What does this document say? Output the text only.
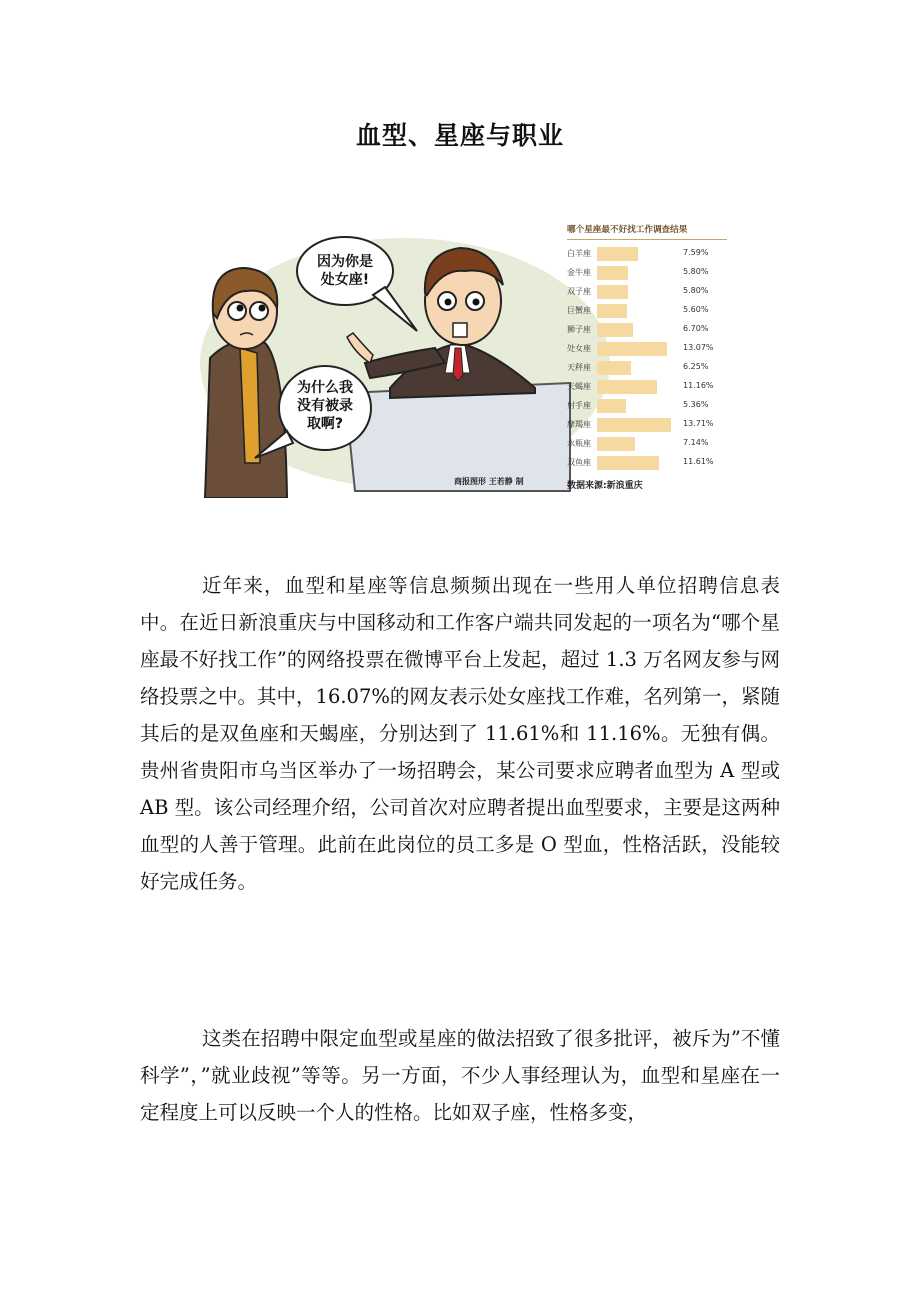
血型、星座与职业
因为你是
处女座!
为什么我
没有被录
取啊?
哪个星座最不好找工作调查结果
白羊座	7.59%
金牛座	5.80%
双子座	5.80%
巨蟹座	5.60%
狮子座	6.70%
处女座	13.07%
天秤座	6.25%
天蝎座	11.16%
射手座	5.36%
摩羯座	13.71%
水瓶座	7.14%
双鱼座	11.61%
数据来源:新浪重庆
商报图形 王若静 制

近年来，血型和星座等信息频频出现在一些用人单位招聘信息表中。在近日新浪重庆与中国移动和工作客户端共同发起的一项名为“哪个星座最不好找工作”的网络投票在微博平台上发起，超过 1.3 万名网友参与网络投票之中。其中，16.07%的网友表示处女座找工作难，名列第一，紧随其后的是双鱼座和天蝎座，分别达到了 11.61%和 11.16%。无独有偶。贵州省贵阳市乌当区举办了一场招聘会，某公司要求应聘者血型为 A 型或 AB 型。该公司经理介绍，公司首次对应聘者提出血型要求，主要是这两种血型的人善于管理。此前在此岗位的员工多是 O 型血，性格活跃，没能较好完成任务。

这类在招聘中限定血型或星座的做法招致了很多批评，被斥为”不懂科学”，”就业歧视”等等。另一方面，不少人事经理认为，血型和星座在一定程度上可以反映一个人的性格。比如双子座，性格多变，
